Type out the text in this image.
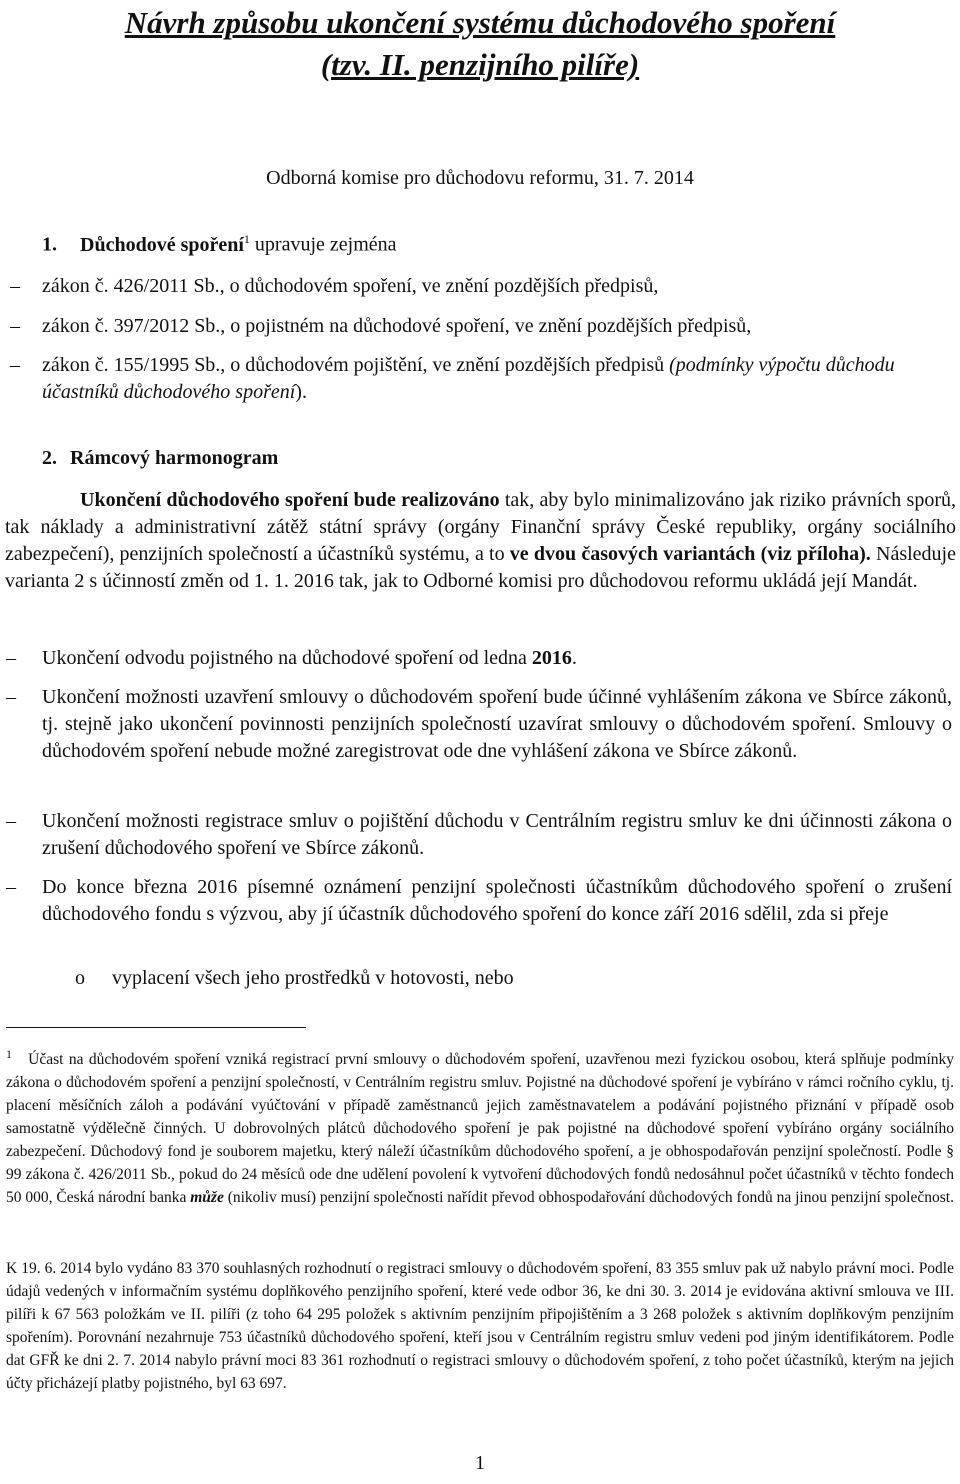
Návrh způsobu ukončení systému důchodového spoření
(tzv. II. penzijního pilíře)
Odborná komise pro důchodovu reformu, 31. 7. 2014
1. Důchodové spoření$^1$ upravuje zejména
– zákon č. 426/2011 Sb., o důchodovém spoření, ve znění pozdějších předpisů,
– zákon č. 397/2012 Sb., o pojistném na důchodové spoření, ve znění pozdějších předpisů,
– zákon č. 155/1995 Sb., o důchodovém pojištění, ve znění pozdějších předpisů (podmínky výpočtu důchodu účastníků důchodového spoření).
2. Rámcový harmonogram
Ukončení důchodového spoření bude realizováno tak, aby bylo minimalizováno jak riziko právních sporů, tak náklady a administrativní zátěž státní správy (orgány Finanční správy České republiky, orgány sociálního zabezpečení), penzijních společností a účastníků systému, a to ve dvou časových variantách (viz příloha). Následuje varianta 2 s účinností změn od 1. 1. 2016 tak, jak to Odborné komisi pro důchodovou reformu ukládá její Mandát.
– Ukončení odvodu pojistného na důchodové spoření od ledna 2016.
– Ukončení možnosti uzavření smlouvy o důchodovém spoření bude účinné vyhlášením zákona ve Sbírce zákonů, tj. stejně jako ukončení povinnosti penzijních společností uzavírat smlouvy o důchodovém spoření. Smlouvy o důchodovém spoření nebude možné zaregistrovat ode dne vyhlášení zákona ve Sbírce zákonů.
– Ukončení možnosti registrace smluv o pojištění důchodu v Centrálním registru smluv ke dni účinnosti zákona o zrušení důchodového spoření ve Sbírce zákonů.
– Do konce března 2016 písemné oznámení penzijní společnosti účastníkům důchodového spoření o zrušení důchodového fondu s výzvou, aby jí účastník důchodového spoření do konce září 2016 sdělil, zda si přeje
o vyplacení všech jeho prostředků v hotovosti, nebo
$^1$ Účast na důchodovém spoření vzniká registrací první smlouvy o důchodovém spoření, uzavřenou mezi fyzickou osobou, která splňuje podmínky zákona o důchodovém spoření a penzijní společností, v Centrálním registru smluv. Pojistné na důchodové spoření je vybíráno v rámci ročního cyklu, tj. placení měsíčních záloh a podávání vyúčtování v případě zaměstnanců jejich zaměstnavatelem a podávání pojistného přiznání v případě osob samostatně výdělečně činných. U dobrovolných plátců důchodového spoření je pak pojistné na důchodové spoření vybíráno orgány sociálního zabezpečení. Důchodový fond je souborem majetku, který náleží účastníkům důchodového spoření, a je obhospodařován penzijní společností. Podle § 99 zákona č. 426/2011 Sb., pokud do 24 měsíců ode dne udělení povolení k vytvoření důchodových fondů nedosáhnul počet účastníků v těchto fondech 50 000, Česká národní banka může (nikoliv musí) penzijní společnosti nařídit převod obhospodařování důchodových fondů na jinou penzijní společnost.
K 19. 6. 2014 bylo vydáno 83 370 souhlasných rozhodnutí o registraci smlouvy o důchodovém spoření, 83 355 smluv pak už nabylo právní moci. Podle údajů vedených v informačním systému doplňkového penzijního spoření, které vede odbor 36, ke dni 30. 3. 2014 je evidována aktivní smlouva ve III. pilíři k 67 563 položkám ve II. pilíři (z toho 64 295 položek s aktivním penzijním připojištěním a 3 268 položek s aktivním doplňkovým penzijním spořením). Porovnání nezahrnuje 753 účastníků důchodového spoření, kteří jsou v Centrálním registru smluv vedeni pod jiným identifikátorem. Podle dat GFŘ ke dni 2. 7. 2014 nabylo právní moci 83 361 rozhodnutí o registraci smlouvy o důchodovém spoření, z toho počet účastníků, kterým na jejich účty přicházejí platby pojistného, byl 63 697.
1
